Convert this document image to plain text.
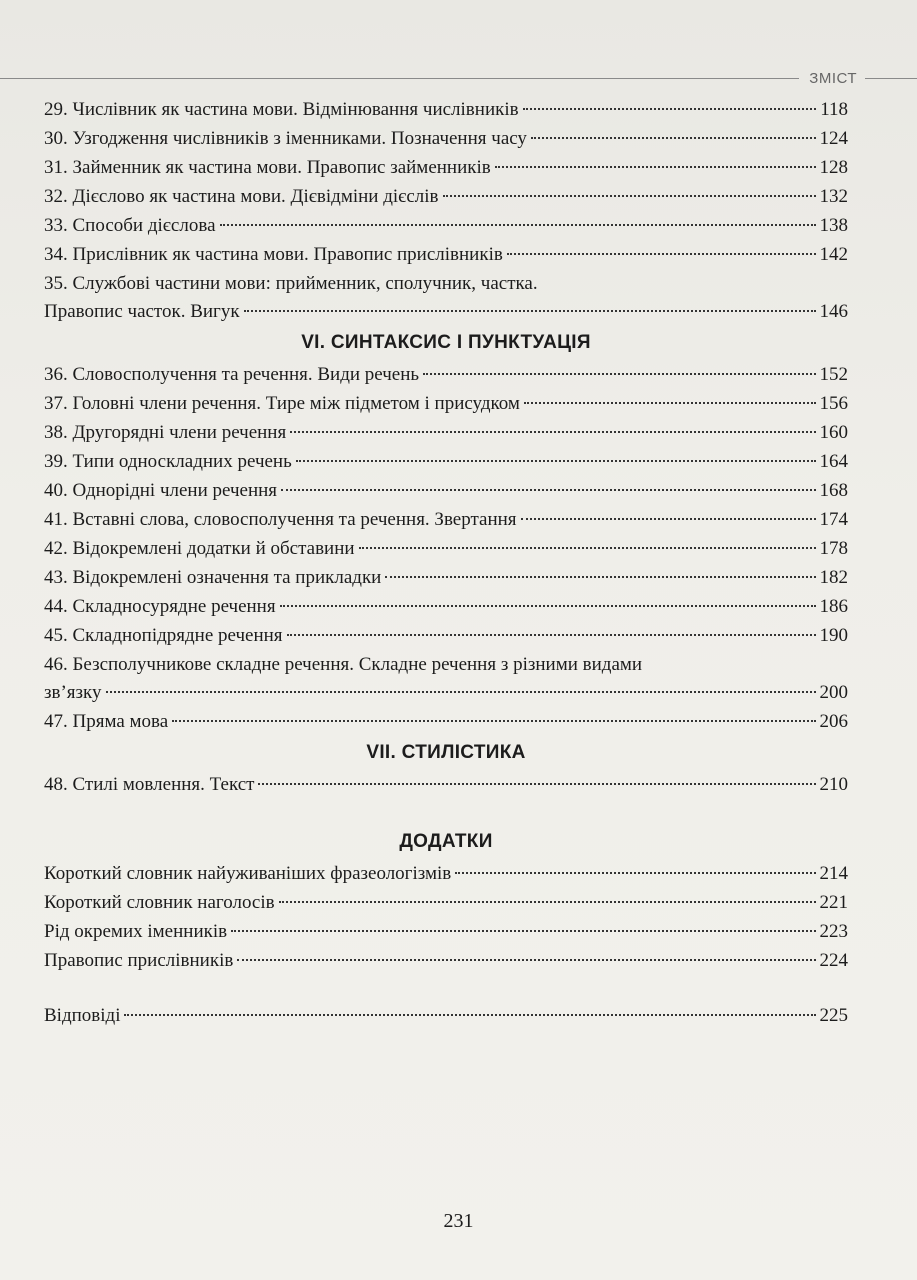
ЗМІСТ
29. Числівник як частина мови. Відмінювання числівників	118
30. Узгодження числівників з іменниками. Позначення часу	124
31. Займенник як частина мови. Правопис займенників	128
32. Дієслово як частина мови. Дієвідміни дієслів	132
33. Способи дієслова	138
34. Прислівник як частина мови. Правопис прислівників	142
35. Службові частини мови: прийменник, сполучник, частка.
Правопис часток. Вигук	146
VI. СИНТАКСИС І ПУНКТУАЦІЯ
36. Словосполучення та речення. Види речень	152
37. Головні члени речення. Тире між підметом і присудком	156
38. Другорядні члени речення	160
39. Типи односкладних речень	164
40. Однорідні члени речення	168
41. Вставні слова, словосполучення та речення. Звертання	174
42. Відокремлені додатки й обставини	178
43. Відокремлені означення та прикладки	182
44. Складносурядне речення	186
45. Складнопідрядне речення	190
46. Безсполучникове складне речення. Складне речення з різними видами
зв’язку	200
47. Пряма мова	206
VII. СТИЛІСТИКА
48. Стилі мовлення. Текст	210
ДОДАТКИ
Короткий словник найуживаніших фразеологізмів	214
Короткий словник наголосів	221
Рід окремих іменників	223
Правопис прислівників	224
Відповіді	225
231
